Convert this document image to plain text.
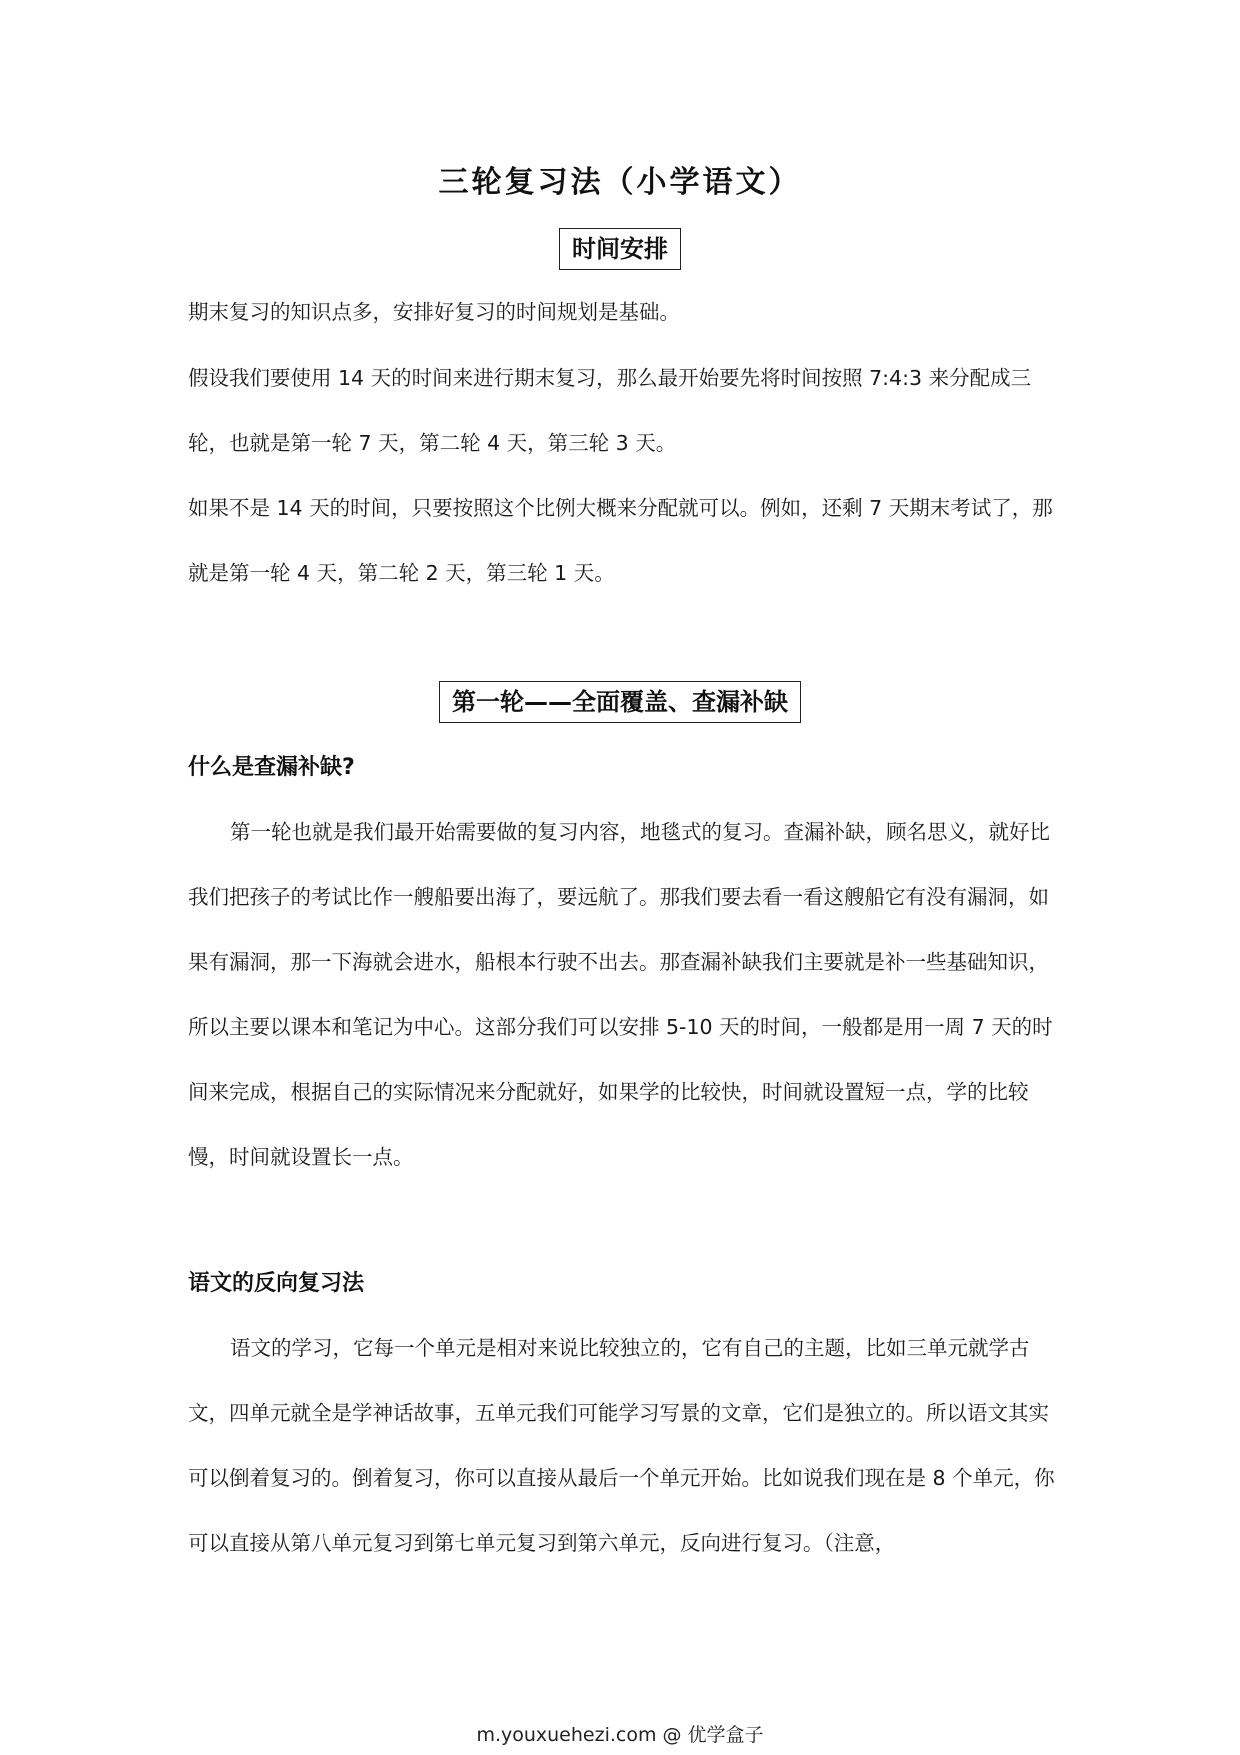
三轮复习法（小学语文）
时间安排

期末复习的知识点多，安排好复习的时间规划是基础。

假设我们要使用 14 天的时间来进行期末复习，那么最开始要先将时间按照 7:4:3 来分配成三轮，也就是第一轮 7 天，第二轮 4 天，第三轮 3 天。

如果不是 14 天的时间，只要按照这个比例大概来分配就可以。例如，还剩 7 天期末考试了，那就是第一轮 4 天，第二轮 2 天，第三轮 1 天。

第一轮——全面覆盖、查漏补缺
什么是查漏补缺?

第一轮也就是我们最开始需要做的复习内容，地毯式的复习。查漏补缺，顾名思义，就好比我们把孩子的考试比作一艘船要出海了，要远航了。那我们要去看一看这艘船它有没有漏洞，如果有漏洞，那一下海就会进水，船根本行驶不出去。那查漏补缺我们主要就是补一些基础知识，所以主要以课本和笔记为中心。这部分我们可以安排 5-10 天的时间，一般都是用一周 7 天的时间来完成，根据自己的实际情况来分配就好，如果学的比较快，时间就设置短一点，学的比较慢，时间就设置长一点。

语文的反向复习法

语文的学习，它每一个单元是相对来说比较独立的，它有自己的主题，比如三单元就学古文，四单元就全是学神话故事，五单元我们可能学习写景的文章，它们是独立的。所以语文其实可以倒着复习的。倒着复习，你可以直接从最后一个单元开始。比如说我们现在是 8 个单元，你可以直接从第八单元复习到第七单元复习到第六单元，反向进行复习。（注意，

m.youxuehezi.com @ 优学盒子
